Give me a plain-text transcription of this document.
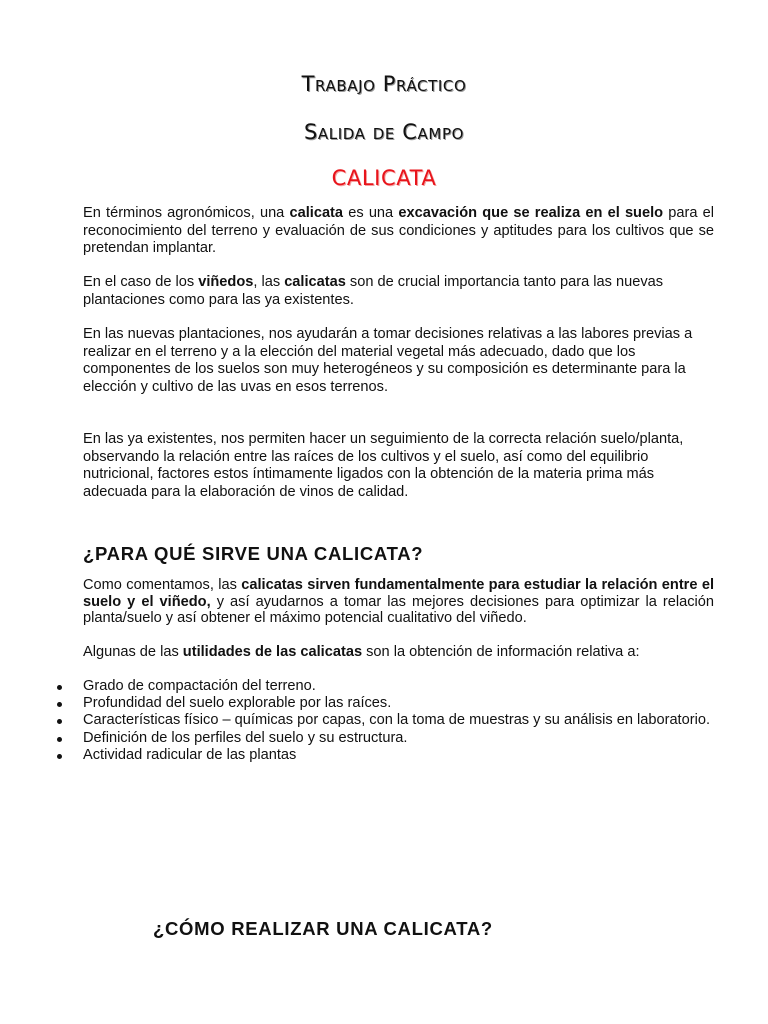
Trabajo Práctico
Salida de Campo
CALICATA
En términos agronómicos, una calicata es una excavación que se realiza en el suelo para el reconocimiento del terreno y evaluación de sus condiciones y aptitudes para los cultivos que se pretendan implantar.
En el caso de los viñedos, las calicatas son de crucial importancia tanto para las nuevas plantaciones como para las ya existentes.
En las nuevas plantaciones, nos ayudarán a tomar decisiones relativas a las labores previas a realizar en el terreno y a la elección del material vegetal más adecuado, dado que los componentes de los suelos son muy heterogéneos y su composición es determinante para la elección y cultivo de las uvas en esos terrenos.
En las ya existentes, nos permiten hacer un seguimiento de la correcta relación suelo/planta, observando la relación entre las raíces de los cultivos y el suelo, así como del equilibrio nutricional, factores estos íntimamente ligados con la obtención de la materia prima más adecuada para la elaboración de vinos de calidad.
¿PARA QUÉ SIRVE UNA CALICATA?
Como comentamos, las calicatas sirven fundamentalmente para estudiar la relación entre el suelo y el viñedo, y así ayudarnos a tomar las mejores decisiones para optimizar la relación planta/suelo y así obtener el máximo potencial cualitativo del viñedo.
Algunas de las utilidades de las calicatas son la obtención de información relativa a:
Grado de compactación del terreno.
Profundidad del suelo explorable por las raíces.
Características físico – químicas por capas, con la toma de muestras y su análisis en laboratorio.
Definición de los perfiles del suelo y su estructura.
Actividad radicular de las plantas
¿CÓMO REALIZAR UNA CALICATA?
